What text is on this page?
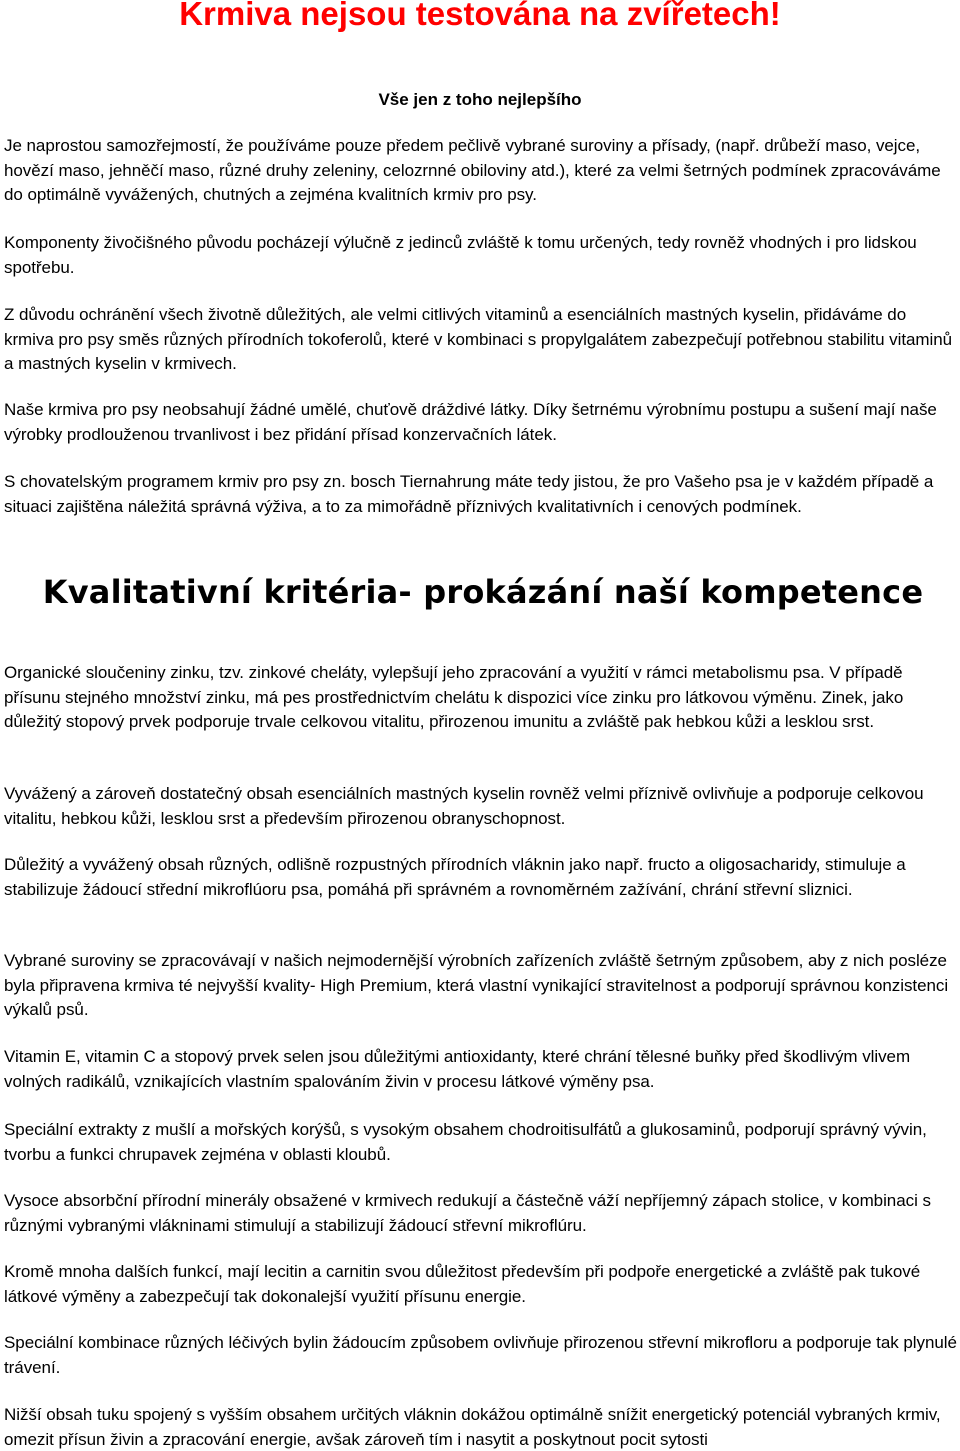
Krmiva nejsou testována na zvířetech!

Vše jen z toho nejlepšího

Je naprostou samozřejmostí, že používáme pouze předem pečlivě vybrané suroviny a přísady, (např. drůbeží maso, vejce, hovězí maso, jehněčí maso, různé druhy zeleniny, celozrnné obiloviny atd.), které za velmi šetrných podmínek zpracováváme do optimálně vyvážených, chutných a zejména kvalitních krmiv pro psy.

Komponenty živočišného původu pocházejí výlučně z jedinců zvláště k tomu určených, tedy rovněž vhodných i pro lidskou spotřebu.

Z důvodu ochránění všech životně důležitých, ale velmi citlivých vitaminů a esenciálních mastných kyselin, přidáváme do krmiva pro psy směs různých přírodních tokoferolů, které v kombinaci s propylgalátem zabezpečují potřebnou stabilitu vitaminů a mastných kyselin v krmivech.

Naše krmiva pro psy neobsahují žádné umělé, chuťově dráždivé látky. Díky šetrnému výrobnímu postupu a sušení mají naše výrobky prodlouženou trvanlivost i bez přidání přísad konzervačních látek.

S chovatelským programem krmiv pro psy zn. bosch Tiernahrung máte tedy jistou, že pro Vašeho psa je v každém případě a situaci zajištěna náležitá správná výživa, a to za mimořádně příznivých kvalitativních i cenových podmínek.

Kvalitativní kritéria- prokázání naší kompetence

Organické sloučeniny zinku, tzv. zinkové cheláty, vylepšují jeho zpracování a využití v rámci metabolismu psa. V případě přísunu stejného množství zinku, má pes prostřednictvím chelátu k dispozici více zinku pro látkovou výměnu. Zinek, jako důležitý stopový prvek podporuje trvale celkovou vitalitu, přirozenou imunitu a zvláště pak hebkou kůži a lesklou srst.

Vyvážený a zároveň dostatečný obsah esenciálních mastných kyselin rovněž velmi příznivě ovlivňuje a podporuje celkovou vitalitu, hebkou kůži, lesklou srst a především přirozenou obranyschopnost.

Důležitý a vyvážený obsah různých, odlišně rozpustných přírodních vláknin jako např. fructo a oligosacharidy, stimuluje a stabilizuje žádoucí střední mikroflúoru psa, pomáhá při správném a rovnoměrném zažívání, chrání střevní sliznici.

Vybrané suroviny se zpracovávají v našich nejmodernější výrobních zařízeních zvláště šetrným způsobem, aby z nich posléze byla připravena krmiva té nejvyšší kvality- High Premium, která vlastní vynikající stravitelnost a podporují správnou konzistenci výkalů psů.

Vitamin E, vitamin C a stopový prvek selen jsou důležitými antioxidanty, které chrání tělesné buňky před škodlivým vlivem volných radikálů, vznikajících vlastním spalováním živin v procesu látkové výměny psa.

Speciální extrakty z mušlí a mořských korýšů, s vysokým obsahem chodroitisulfátů a glukosaminů, podporují správný vývin, tvorbu a funkci chrupavek zejména v oblasti kloubů.

Vysoce absorbční přírodní minerály obsažené v krmivech redukují a částečně váží nepříjemný zápach stolice, v kombinaci s různými vybranými vlákninami stimulují a stabilizují žádoucí střevní mikroflúru.

Kromě mnoha dalších funkcí, mají lecitin a carnitin svou důležitost především při podpoře energetické a zvláště pak tukové látkové výměny a zabezpečují tak dokonalejší využití přísunu energie.

Speciální kombinace různých léčivých bylin žádoucím způsobem ovlivňuje přirozenou střevní mikrofloru a podporuje tak plynulé trávení.

Nižší obsah tuku spojený s vyšším obsahem určitých vláknin dokážou optimálně snížit energetický potenciál vybraných krmiv, omezit přísun živin a zpracování energie, avšak zároveň tím i nasytit a poskytnout pocit sytosti
